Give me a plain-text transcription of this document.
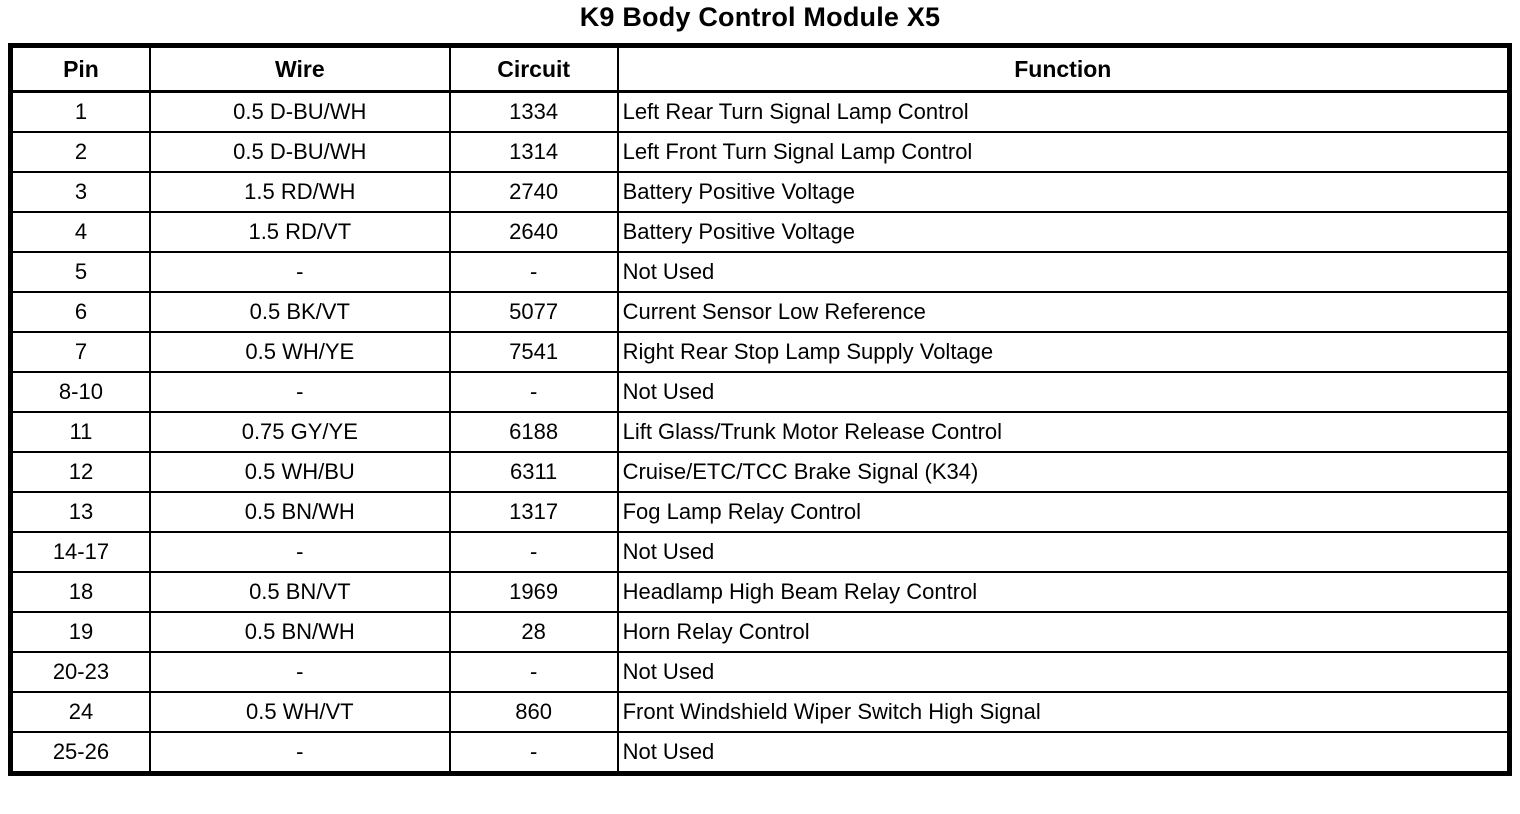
K9 Body Control Module X5
Pin	Wire	Circuit	Function
1	0.5 D-BU/WH	1334	Left Rear Turn Signal Lamp Control
2	0.5 D-BU/WH	1314	Left Front Turn Signal Lamp Control
3	1.5 RD/WH	2740	Battery Positive Voltage
4	1.5 RD/VT	2640	Battery Positive Voltage
5	-	-	Not Used
6	0.5 BK/VT	5077	Current Sensor Low Reference
7	0.5 WH/YE	7541	Right Rear Stop Lamp Supply Voltage
8-10	-	-	Not Used
11	0.75 GY/YE	6188	Lift Glass/Trunk Motor Release Control
12	0.5 WH/BU	6311	Cruise/ETC/TCC Brake Signal (K34)
13	0.5 BN/WH	1317	Fog Lamp Relay Control
14-17	-	-	Not Used
18	0.5 BN/VT	1969	Headlamp High Beam Relay Control
19	0.5 BN/WH	28	Horn Relay Control
20-23	-	-	Not Used
24	0.5 WH/VT	860	Front Windshield Wiper Switch High Signal
25-26	-	-	Not Used
